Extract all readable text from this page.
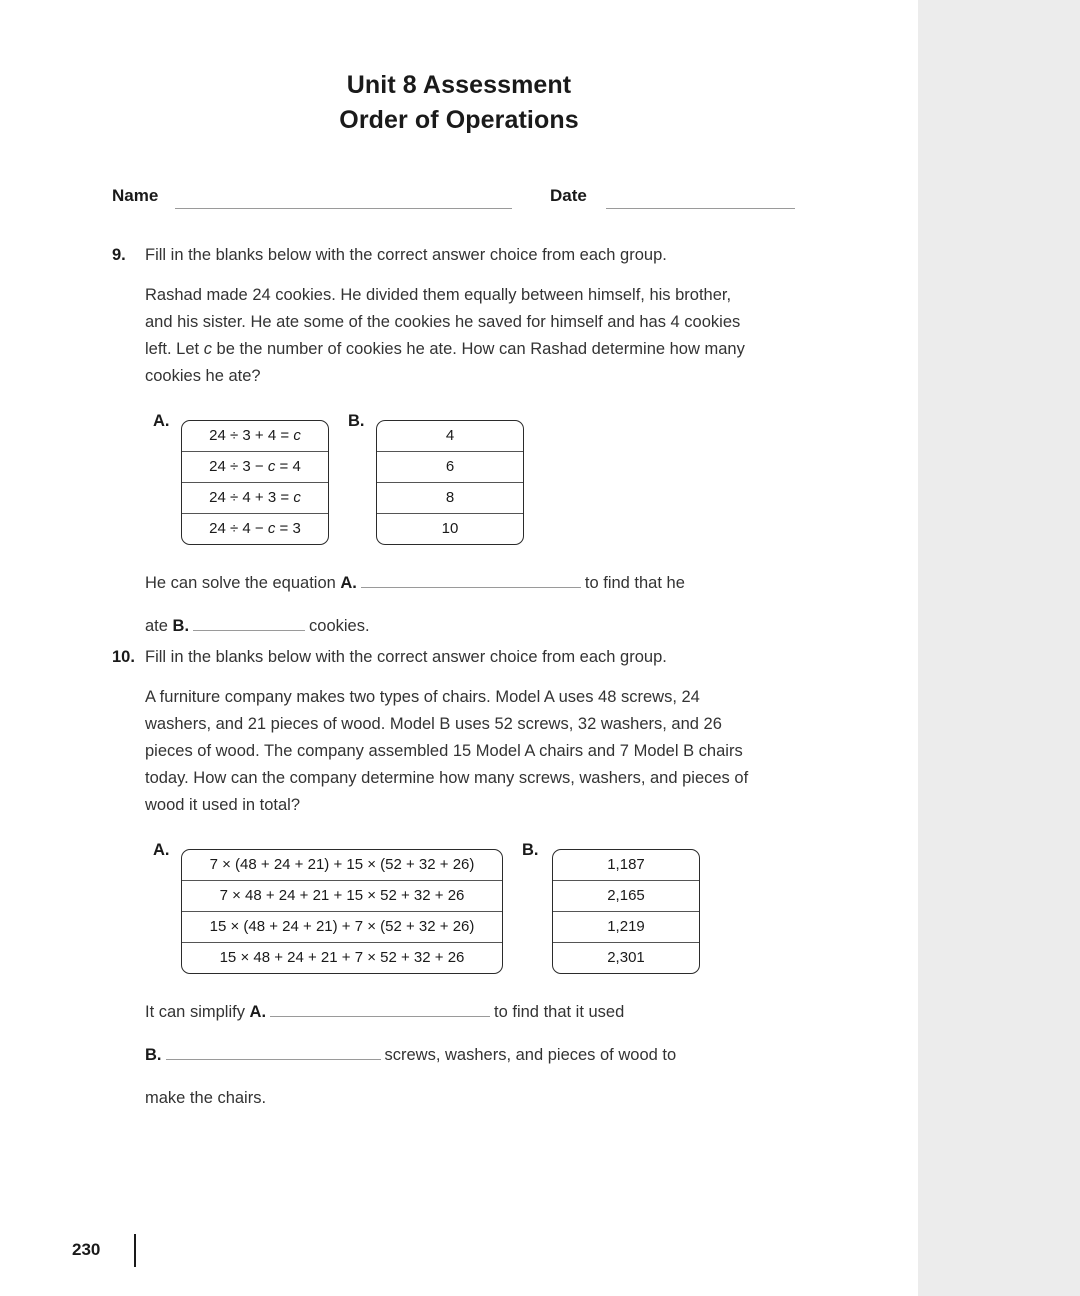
Unit 8 Assessment
Order of Operations
Name	Date
9.	Fill in the blanks below with the correct answer choice from each group.
Rashad made 24 cookies. He divided them equally between himself, his brother, and his sister. He ate some of the cookies he saved for himself and has 4 cookies left. Let c be the number of cookies he ate. How can Rashad determine how many cookies he ate?
A.
24 ÷ 3 + 4 = c
24 ÷ 3 − c = 4
24 ÷ 4 + 3 = c
24 ÷ 4 − c = 3
B.
4
6
8
10
He can solve the equation A.	to find that he
ate B.	cookies.
10. Fill in the blanks below with the correct answer choice from each group.
A furniture company makes two types of chairs. Model A uses 48 screws, 24 washers, and 21 pieces of wood. Model B uses 52 screws, 32 washers, and 26 pieces of wood. The company assembled 15 Model A chairs and 7 Model B chairs today. How can the company determine how many screws, washers, and pieces of wood it used in total?
A.
7 × (48 + 24 + 21) + 15 × (52 + 32 + 26)
7 × 48 + 24 + 21 + 15 × 52 + 32 + 26
15 × (48 + 24 + 21) + 7 × (52 + 32 + 26)
15 × 48 + 24 + 21 + 7 × 52 + 32 + 26
B.
1,187
2,165
1,219
2,301
It can simplify A.	to find that it used
B.	screws, washers, and pieces of wood to
make the chairs.
230
